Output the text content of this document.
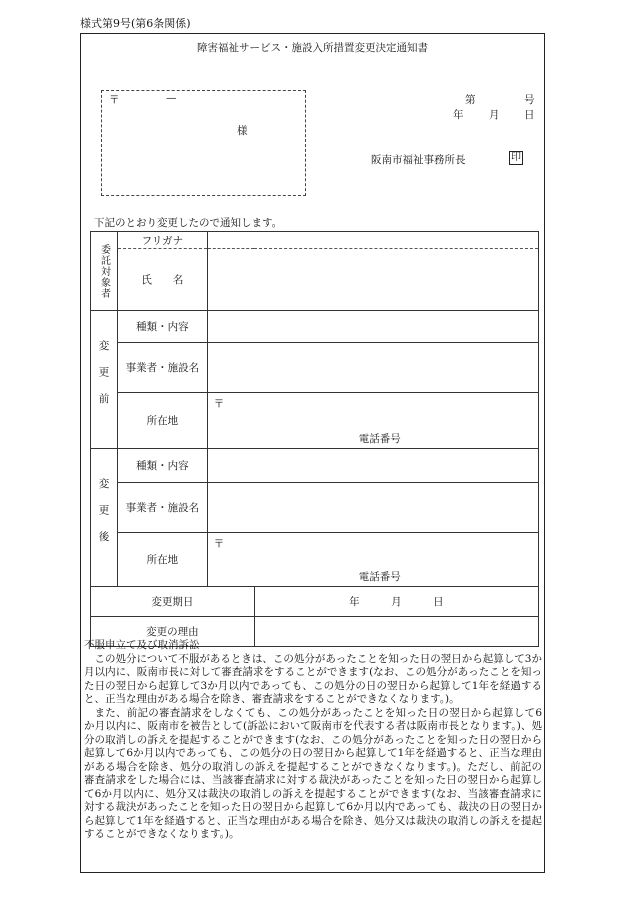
様式第9号(第6条関係)
障害福祉サービス・施設入所措置変更決定通知書
〒	—
様
第	号
年 月 日
阪南市福祉事務所長	印
下記のとおり変更したので通知します。
委託対象者	フリガナ		
	氏　　名		

変更前	種類・内容		
	事業者・施設名		
	所在地	〒
電話番号	

変更後	種類・内容		
	事業者・施設名		
	所在地	〒
電話番号	

変更期日			年　　　月　　　日
変更の理由			
不服申立て及び取消訴訟

この処分について不服があるときは、この処分があったことを知った日の翌日から起算して3か月以内に、阪南市長に対して審査請求をすることができます(なお、この処分があったことを知った日の翌日から起算して3か月以内であっても、この処分の日の翌日から起算して1年を経過すると、正当な理由がある場合を除き、審査請求をすることができなくなります。)。

また、前記の審査請求をしなくても、この処分があったことを知った日の翌日から起算して6か月以内に、阪南市を被告として(訴訟において阪南市を代表する者は阪南市長となります。)、処分の取消しの訴えを提起することができます(なお、この処分があったことを知った日の翌日から起算して6か月以内であっても、この処分の日の翌日から起算して1年を経過すると、正当な理由がある場合を除き、処分の取消しの訴えを提起することができなくなります。)。ただし、前記の審査請求をした場合には、当該審査請求に対する裁決があったことを知った日の翌日から起算して6か月以内に、処分又は裁決の取消しの訴えを提起することができます(なお、当該審査請求に対する裁決があったことを知った日の翌日から起算して6か月以内であっても、裁決の日の翌日から起算して1年を経過すると、正当な理由がある場合を除き、処分又は裁決の取消しの訴えを提起することができなくなります。)。
